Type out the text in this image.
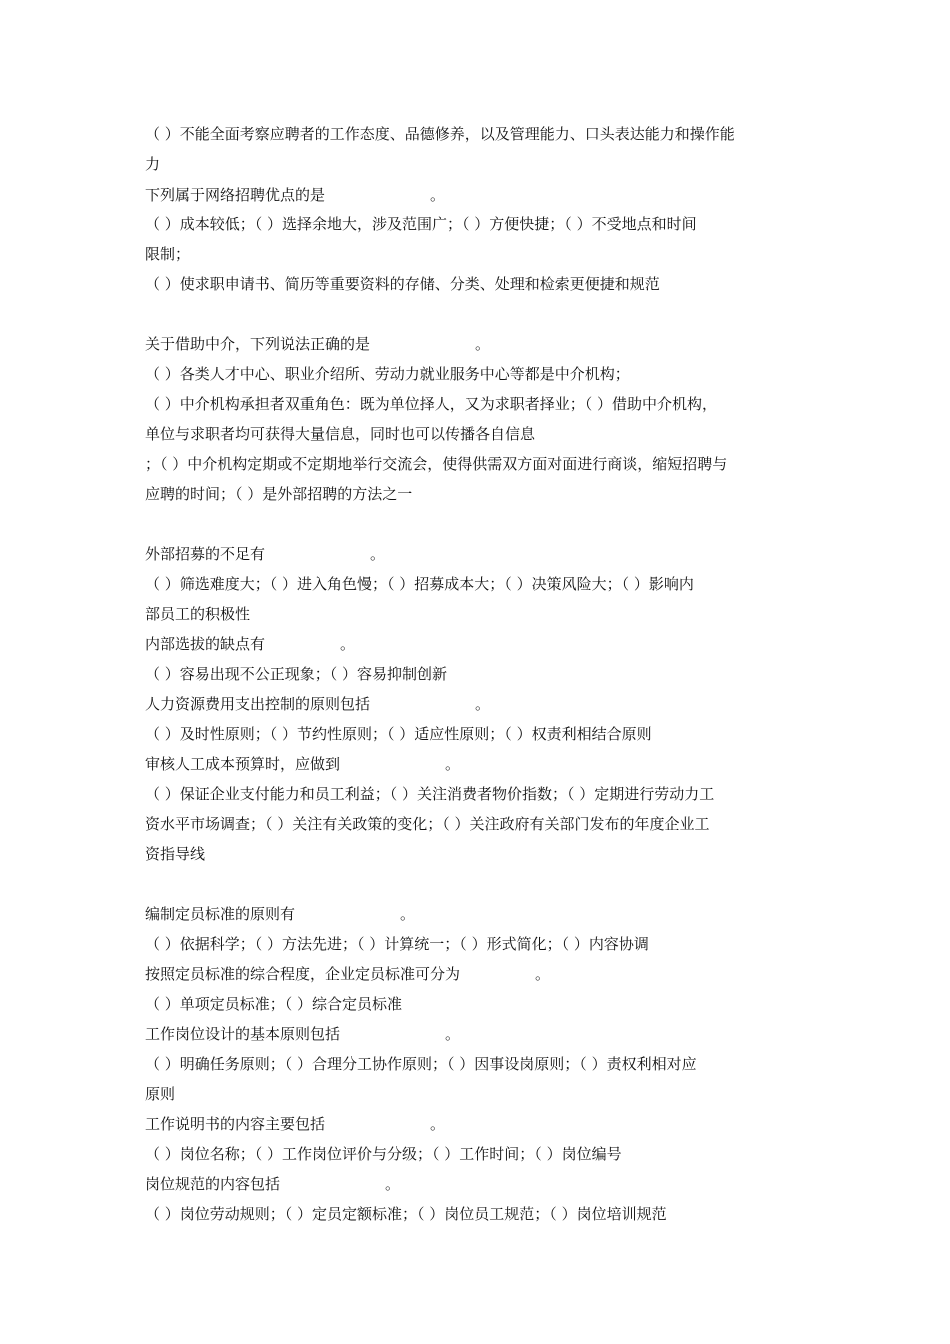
（ ）不能全面考察应聘者的工作态度、品德修养，以及管理能力、口头表达能力和操作能
力
下列属于网络招聘优点的是　　　　　　　。
（ ）成本较低；（ ）选择余地大，涉及范围广；（ ）方便快捷；（ ）不受地点和时间
限制；
（ ）使求职申请书、简历等重要资料的存储、分类、处理和检索更便捷和规范
关于借助中介，下列说法正确的是　　　　　　　。
（ ）各类人才中心、职业介绍所、劳动力就业服务中心等都是中介机构；
（ ）中介机构承担者双重角色：既为单位择人，又为求职者择业；（ ）借助中介机构，
单位与求职者均可获得大量信息，同时也可以传播各自信息
；（ ）中介机构定期或不定期地举行交流会，使得供需双方面对面进行商谈，缩短招聘与
应聘的时间；（ ）是外部招聘的方法之一
外部招募的不足有　　　　　　　。
（ ）筛选难度大；（ ）进入角色慢；（ ）招募成本大；（ ）决策风险大；（ ）影响内
部员工的积极性
内部选拔的缺点有　　　　　。
（ ）容易出现不公正现象；（ ）容易抑制创新
人力资源费用支出控制的原则包括　　　　　　　。
（ ）及时性原则；（ ）节约性原则；（ ）适应性原则；（ ）权责利相结合原则
审核人工成本预算时，应做到　　　　　　　。
（ ）保证企业支付能力和员工利益；（ ）关注消费者物价指数；（ ）定期进行劳动力工
资水平市场调查；（ ）关注有关政策的变化；（ ）关注政府有关部门发布的年度企业工
资指导线
编制定员标准的原则有　　　　　　　。
（ ）依据科学；（ ）方法先进；（ ）计算统一；（ ）形式简化；（ ）内容协调
按照定员标准的综合程度，企业定员标准可分为　　　　　。
（ ）单项定员标准；（ ）综合定员标准
工作岗位设计的基本原则包括　　　　　　　。
（ ）明确任务原则；（ ）合理分工协作原则；（ ）因事设岗原则；（ ）责权利相对应
原则
工作说明书的内容主要包括　　　　　　　。
（ ）岗位名称；（ ）工作岗位评价与分级；（ ）工作时间；（ ）岗位编号
岗位规范的内容包括　　　　　　　。
（ ）岗位劳动规则；（ ）定员定额标准；（ ）岗位员工规范；（ ）岗位培训规范
